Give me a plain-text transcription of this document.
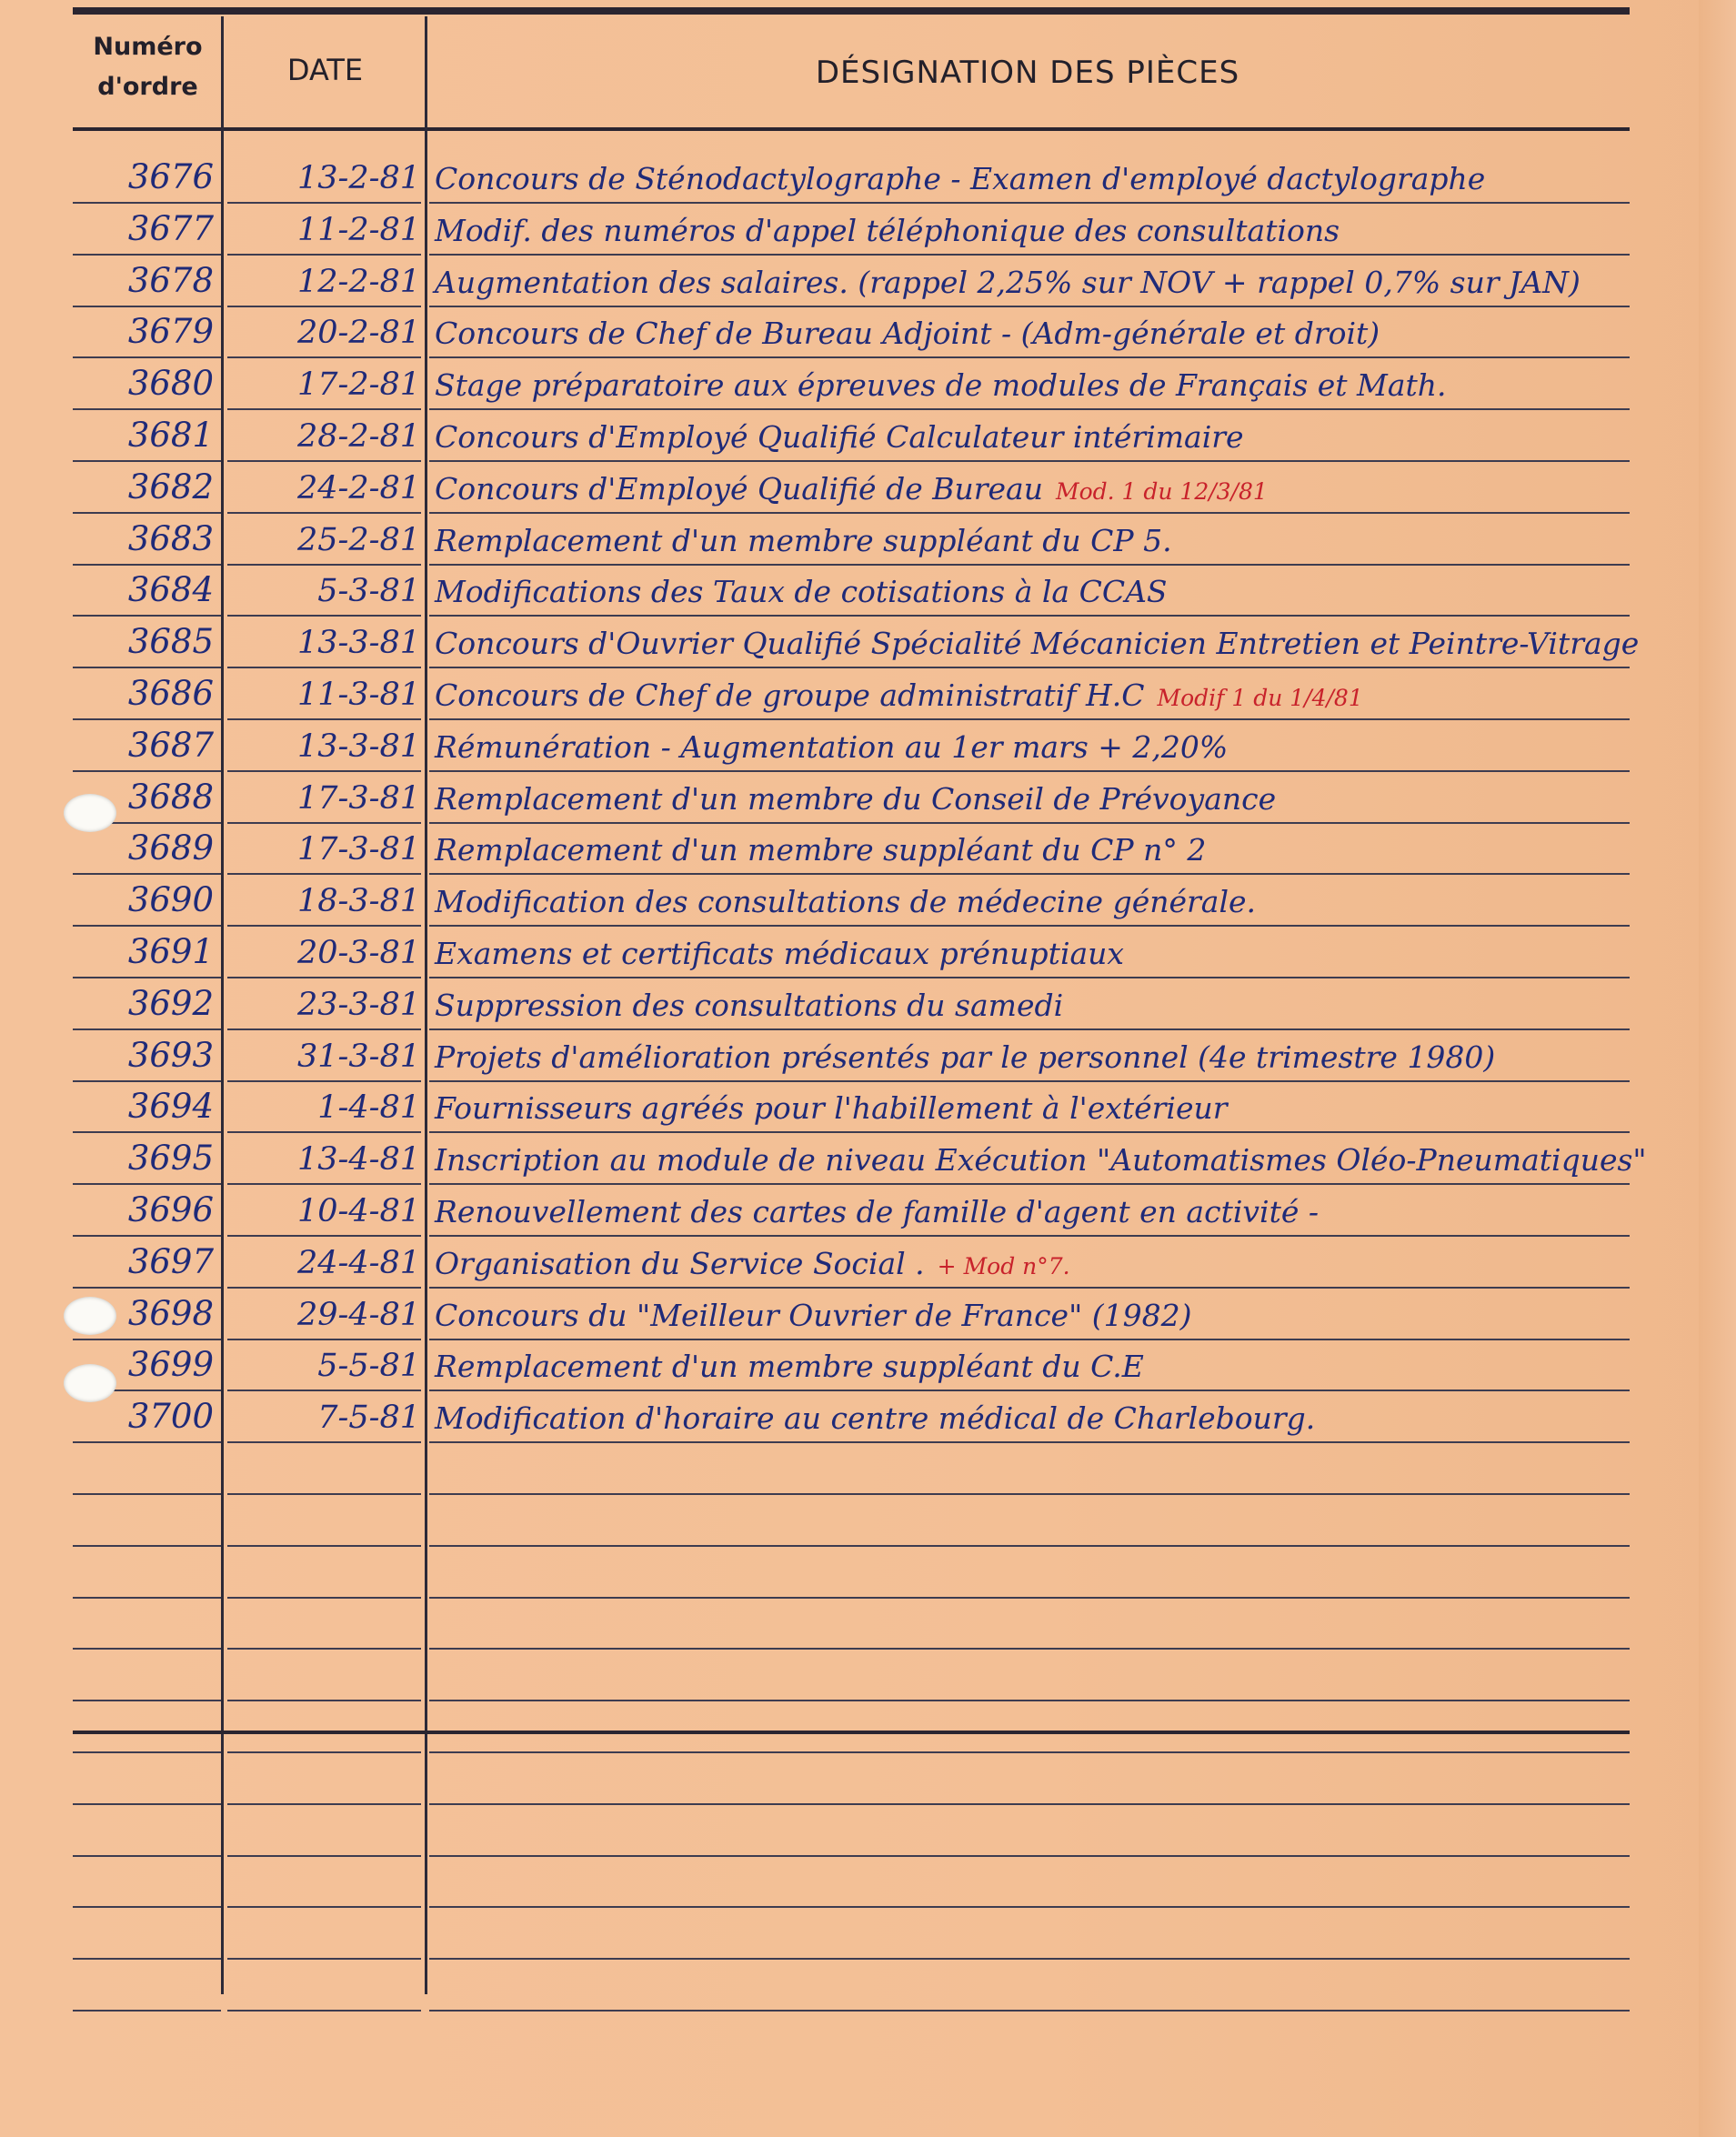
Numéro
d'ordre	DATE	DÉSIGNATION DES PIÈCES
3676	13-2-81 Concours de Sténodactylographe - Examen d'employé dactylographe
3677	11-2-81 Modif. des numéros d'appel téléphonique des consultations
3678	12-2-81 Augmentation des salaires. (rappel 2,25% sur NOV + rappel 0,7% sur JAN)
3679	20-2-81 Concours de Chef de Bureau Adjoint - (Adm-générale et droit)
3680	17-2-81 Stage préparatoire aux épreuves de modules de Français et Math.
3681	28-2-81 Concours d'Employé Qualifié Calculateur intérimaire
3682	24-2-81 Concours d'Employé Qualifié de Bureau Mod. 1 du 12/3/81
3683	25-2-81 Remplacement d'un membre suppléant du CP 5.
3684	5-3-81 Modifications des Taux de cotisations à la CCAS
3685	13-3-81 Concours d'Ouvrier Qualifié Spécialité Mécanicien Entretien et Peintre-Vitrage
3686	11-3-81 Concours de Chef de groupe administratif H.C Modif 1 du 1/4/81
3687	13-3-81 Rémunération - Augmentation au 1er mars + 2,20%
3688	17-3-81 Remplacement d'un membre du Conseil de Prévoyance
3689	17-3-81 Remplacement d'un membre suppléant du CP n° 2
3690	18-3-81 Modification des consultations de médecine générale.
3691	20-3-81 Examens et certificats médicaux prénuptiaux
3692	23-3-81 Suppression des consultations du samedi
3693	31-3-81 Projets d'amélioration présentés par le personnel (4e trimestre 1980)
3694	1-4-81 Fournisseurs agréés pour l'habillement à l'extérieur
3695	13-4-81 Inscription au module de niveau Exécution "Automatismes Oléo-Pneumatiques"
3696	10-4-81 Renouvellement des cartes de famille d'agent en activité -
3697	24-4-81 Organisation du Service Social . + Mod n°7.
3698	29-4-81 Concours du "Meilleur Ouvrier de France" (1982)
3699	5-5-81 Remplacement d'un membre suppléant du C.E
3700	7-5-81 Modification d'horaire au centre médical de Charlebourg.
